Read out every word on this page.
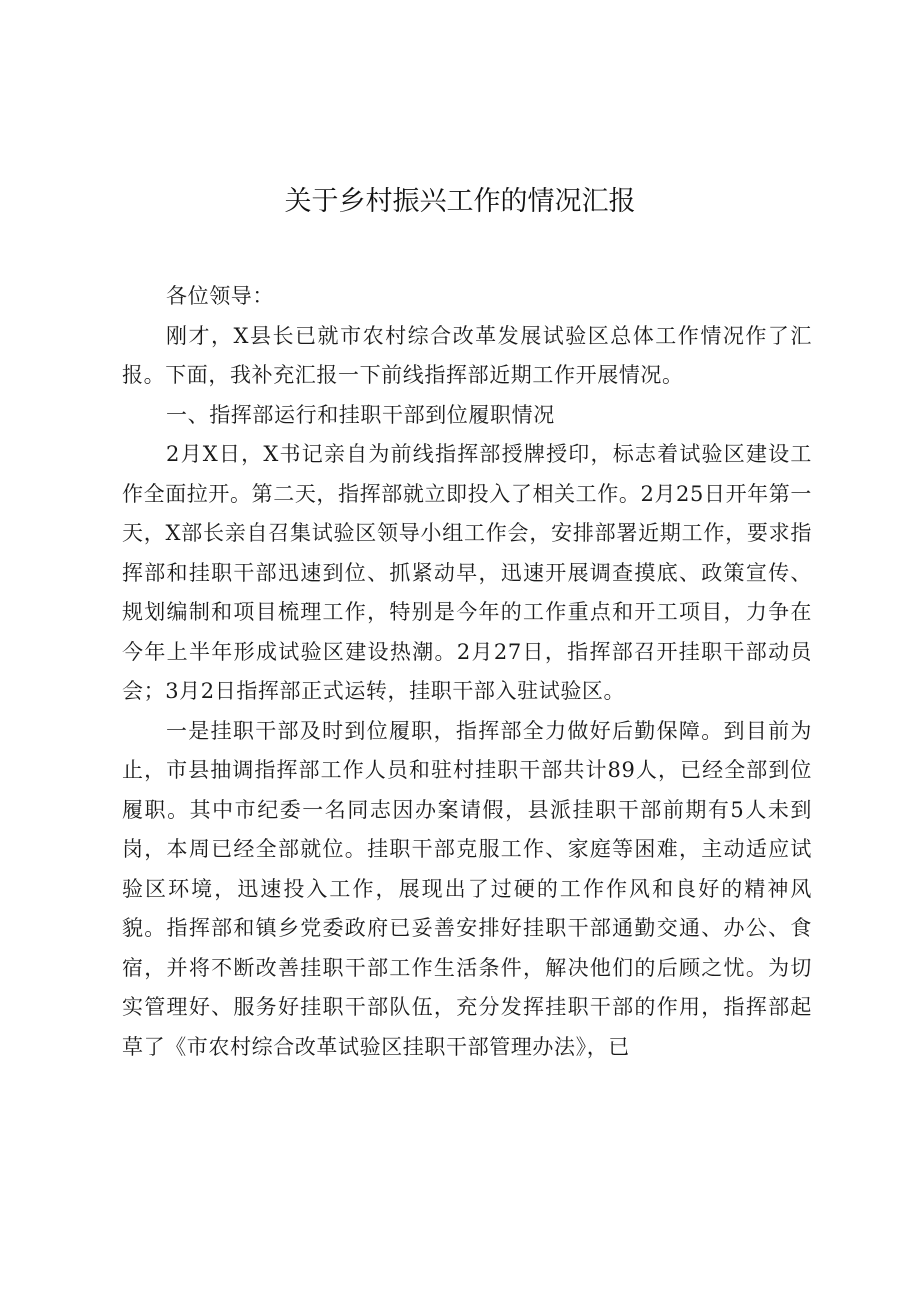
关于乡村振兴工作的情况汇报

各位领导：

刚才，X县长已就市农村综合改革发展试验区总体工作情况作了汇报。下面，我补充汇报一下前线指挥部近期工作开展情况。

一、指挥部运行和挂职干部到位履职情况

2月X日，X书记亲自为前线指挥部授牌授印，标志着试验区建设工作全面拉开。第二天，指挥部就立即投入了相关工作。2月25日开年第一天，X部长亲自召集试验区领导小组工作会，安排部署近期工作，要求指挥部和挂职干部迅速到位、抓紧动早，迅速开展调查摸底、政策宣传、规划编制和项目梳理工作，特别是今年的工作重点和开工项目，力争在今年上半年形成试验区建设热潮。2月27日，指挥部召开挂职干部动员会；3月2日指挥部正式运转，挂职干部入驻试验区。

一是挂职干部及时到位履职，指挥部全力做好后勤保障。到目前为止，市县抽调指挥部工作人员和驻村挂职干部共计89人，已经全部到位履职。其中市纪委一名同志因办案请假，县派挂职干部前期有5人未到岗，本周已经全部就位。挂职干部克服工作、家庭等困难，主动适应试验区环境，迅速投入工作，展现出了过硬的工作作风和良好的精神风貌。指挥部和镇乡党委政府已妥善安排好挂职干部通勤交通、办公、食宿，并将不断改善挂职干部工作生活条件，解决他们的后顾之忧。为切实管理好、服务好挂职干部队伍，充分发挥挂职干部的作用，指挥部起草了《市农村综合改革试验区挂职干部管理办法》，已
